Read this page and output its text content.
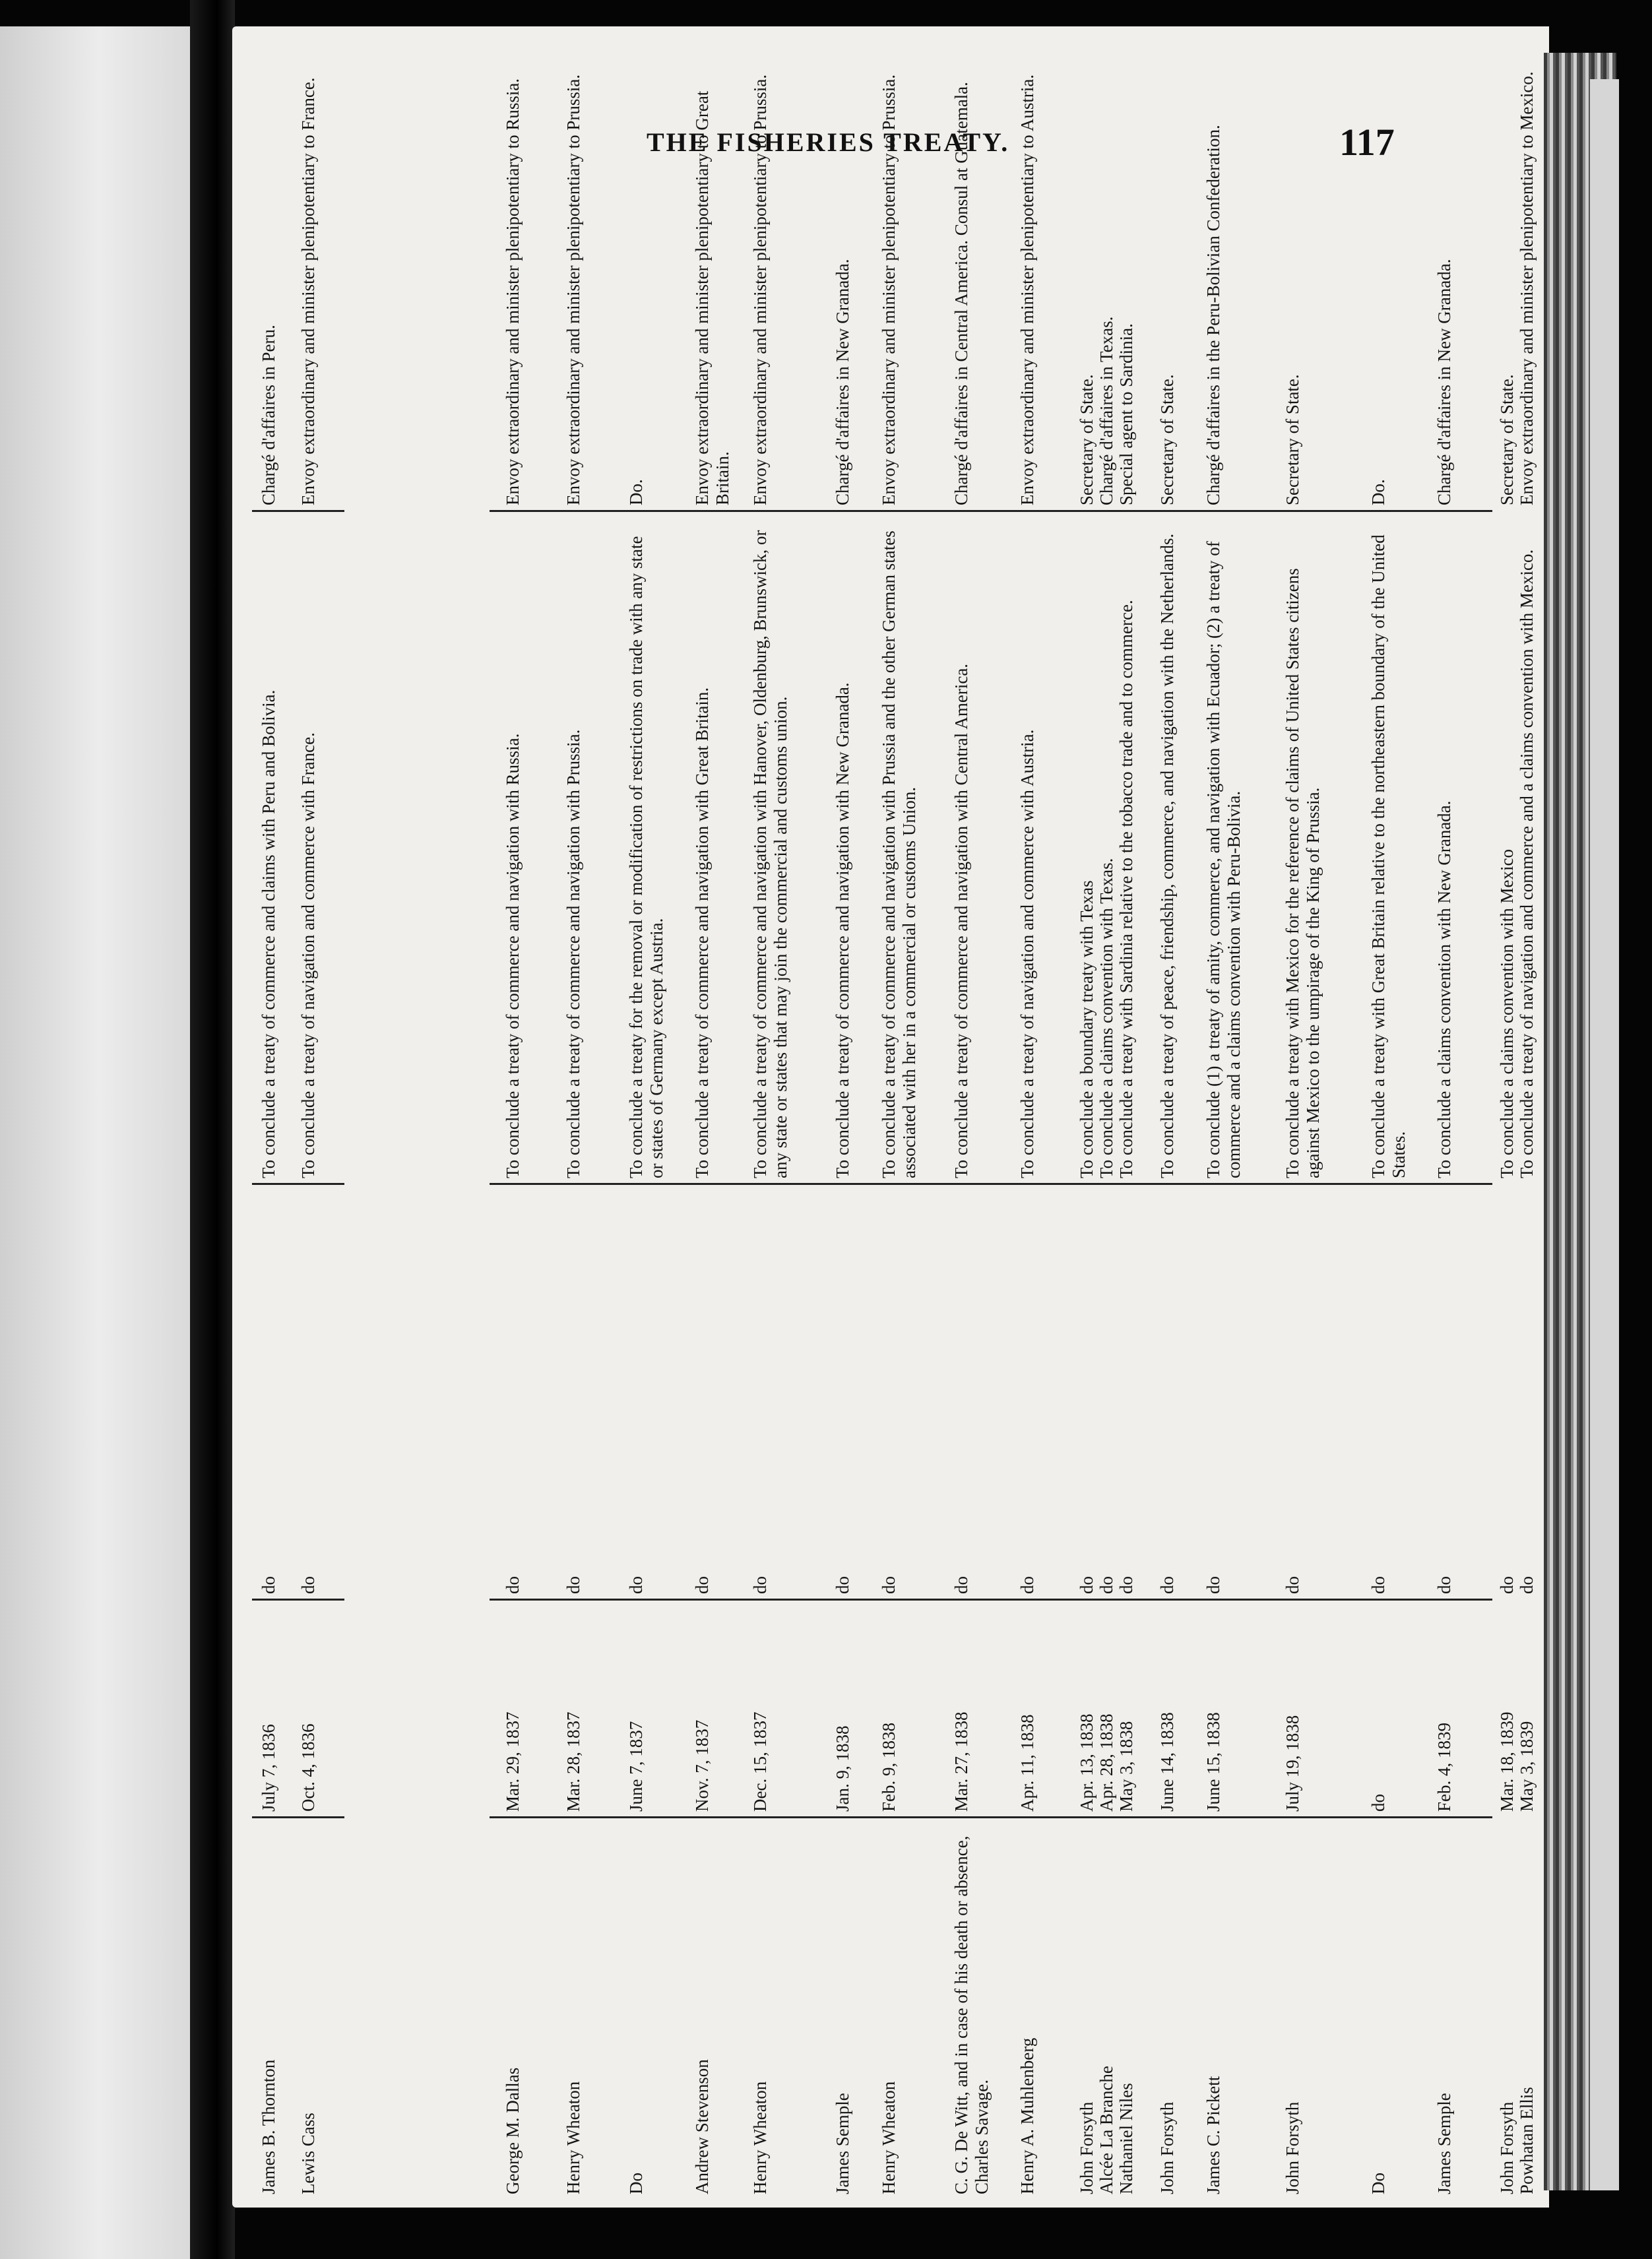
THE FISHERIES TREATY.	117
James B. Thornton
July 7, 1836
do
To conclude a treaty of commerce and claims with Peru and Bolivia.
Chargé d'affaires in Peru.
Lewis Cass
Oct. 4, 1836
do
To conclude a treaty of navigation and commerce with France.
Envoy extraordinary and minister plenipotentiary to France.
George M. Dallas
Mar. 29, 1837
do
To conclude a treaty of commerce and navigation with Russia.
Envoy extraordinary and minister plenipotentiary to Russia.
Henry Wheaton
Mar. 28, 1837
do
To conclude a treaty of commerce and navigation with Prussia.
Envoy extraordinary and minister plenipotentiary to Prussia.
Do
June 7, 1837
do
To conclude a treaty for the removal or modification of restrictions on trade with any state or states of Germany except Austria.
Do.
Andrew Stevenson
Nov. 7, 1837
do
To conclude a treaty of commerce and navigation with Great Britain.
Envoy extraordinary and minister plenipotentiary to Great Britain.
Henry Wheaton
Dec. 15, 1837
do
To conclude a treaty of commerce and navigation with Hanover, Oldenburg, Brunswick, or any state or states that may join the commercial and customs union.
Envoy extraordinary and minister plenipotentiary to Prussia.
James Semple
Jan. 9, 1838
do
To conclude a treaty of commerce and navigation with New Granada.
Chargé d'affaires in New Granada.
Henry Wheaton
Feb. 9, 1838
do
To conclude a treaty of commerce and navigation with Prussia and the other German states associated with her in a commercial or customs Union.
Envoy extraordinary and minister plenipotentiary to Prussia.
C. G. De Witt, and in case of his death or absence, Charles Savage.
Mar. 27, 1838
do
To conclude a treaty of commerce and navigation with Central America.
Chargé d'affaires in Central America. Consul at Guatemala.
Henry A. Muhlenberg
Apr. 11, 1838
do
To conclude a treaty of navigation and commerce with Austria.
Envoy extraordinary and minister plenipotentiary to Austria.
John Forsyth
Apr. 13, 1838
do
To conclude a boundary treaty with Texas
Secretary of State.
Alcée La Branche
Apr. 28, 1838
do
To conclude a claims convention with Texas.
Chargé d'affaires in Texas.
Nathaniel Niles
May 3, 1838
do
To conclude a treaty with Sardinia relative to the tobacco trade and to commerce.
Special agent to Sardinia.
John Forsyth
June 14, 1838
do
To conclude a treaty of peace, friendship, commerce, and navigation with the Netherlands.
Secretary of State.
James C. Pickett
June 15, 1838
do
To conclude (1) a treaty of amity, commerce, and navigation with Ecuador; (2) a treaty of commerce and a claims convention with Peru-Bolivia.
Chargé d'affaires in the Peru-Bolivian Confederation.
John Forsyth
July 19, 1838
do
To conclude a treaty with Mexico for the reference of claims of United States citizens against Mexico to the umpirage of the King of Prussia.
Secretary of State.
Do
do
do
To conclude a treaty with Great Britain relative to the northeastern boundary of the United States.
Do.
James Semple
Feb. 4, 1839
do
To conclude a claims convention with New Granada.
Chargé d'affaires in New Granada.
John Forsyth
Mar. 18, 1839
do
To conclude a claims convention with Mexico
Secretary of State.
Powhatan Ellis
May 3, 1839
do
To conclude a treaty of navigation and commerce and a claims convention with Mexico.
Envoy extraordinary and minister plenipotentiary to Mexico.
